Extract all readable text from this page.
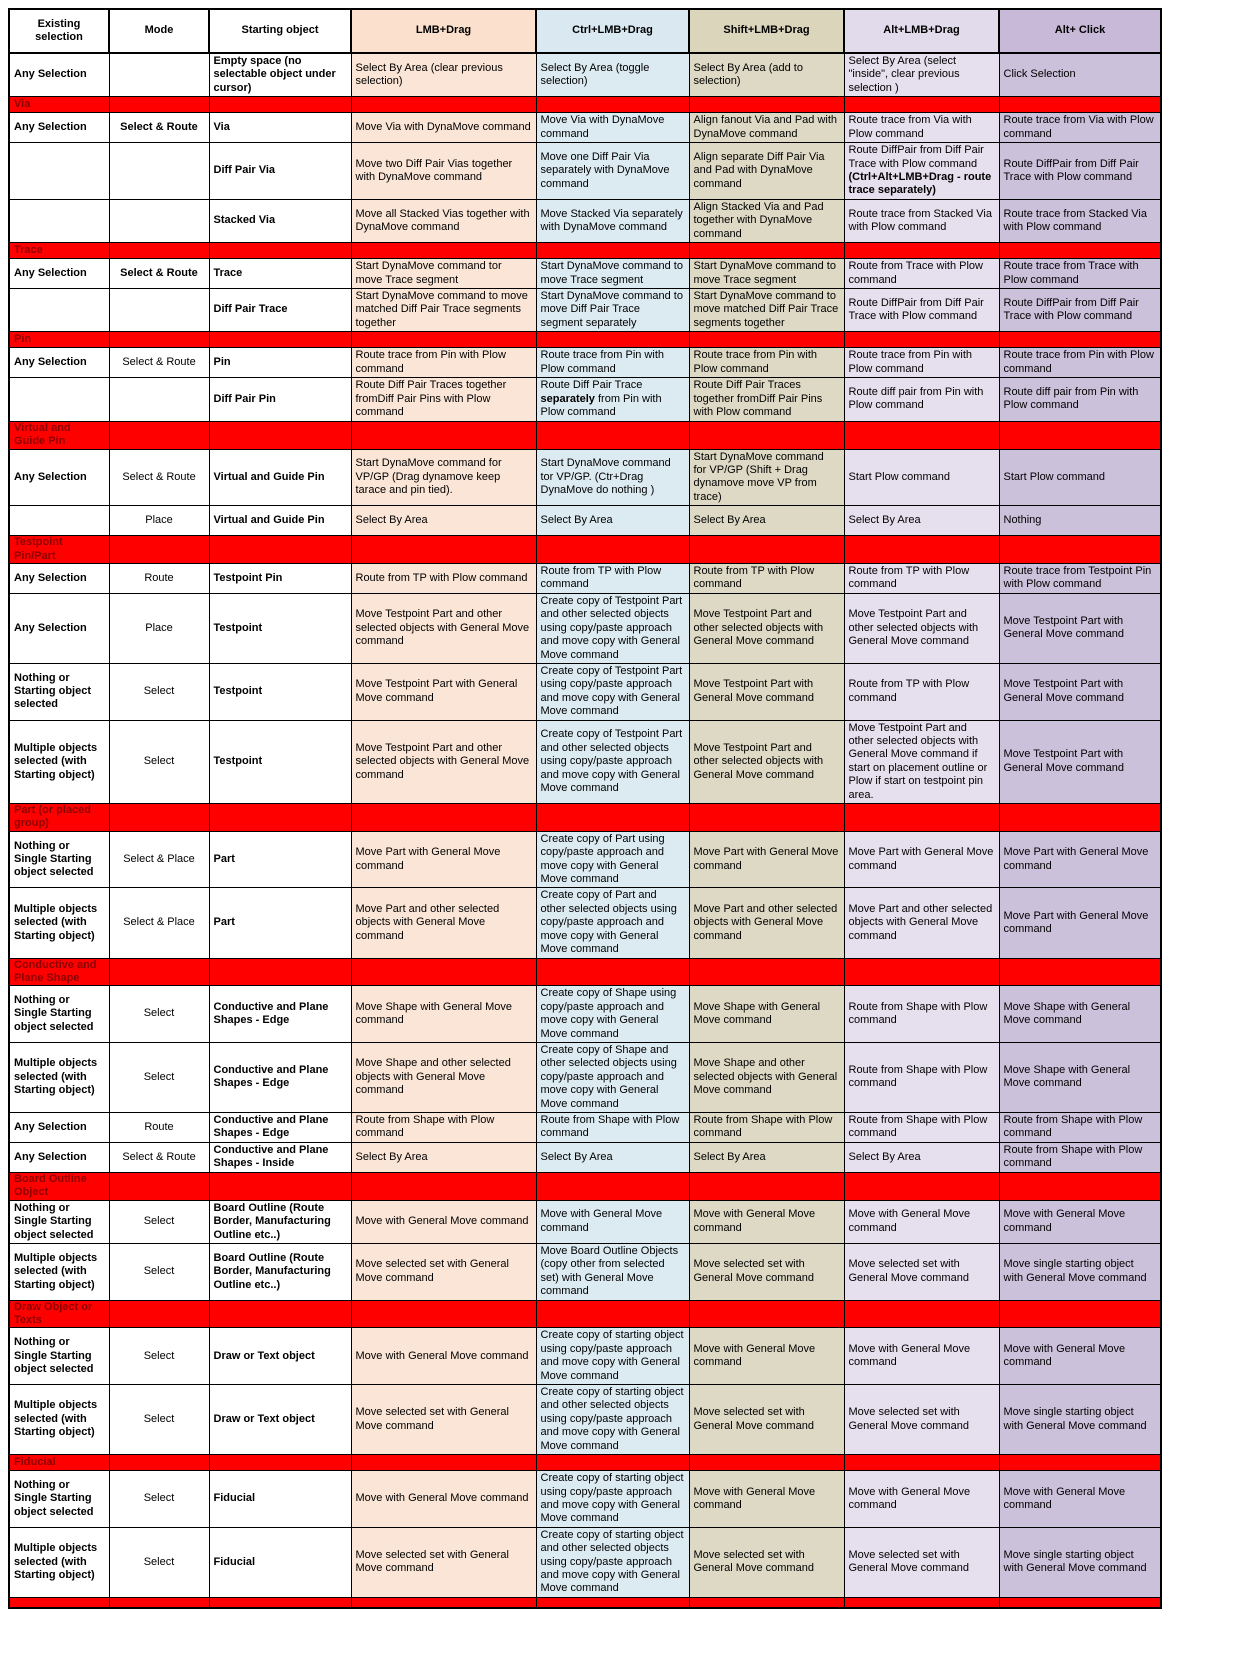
Existing selection	Mode	Starting object	LMB+Drag	Ctrl+LMB+Drag	Shift+LMB+Drag	Alt+LMB+Drag	Alt+ Click
Any Selection		Empty space (no selectable object under cursor)	Select By Area (clear previous selection)	Select By Area (toggle selection)	Select By Area (add to selection)	Select By Area (select "inside", clear previous selection )	Click Selection
Via							
Any Selection	Select & Route	Via	Move Via with DynaMove command	Move Via with DynaMove command	Align fanout Via and Pad with DynaMove command	Route trace from Via with Plow command	Route trace from Via with Plow command
		Diff Pair Via	Move two Diff Pair Vias together with DynaMove command	Move one Diff Pair Via separately with DynaMove command	Align separate Diff Pair Via and Pad with DynaMove command	Route DiffPair from Diff Pair Trace with Plow command (Ctrl+Alt+LMB+Drag - route trace separately)	Route DiffPair from Diff Pair Trace with Plow command
		Stacked Via	Move all Stacked Vias together with DynaMove command	Move Stacked Via separately with DynaMove command	Align Stacked Via and Pad together with DynaMove command	Route trace from Stacked Via with Plow command	Route trace from Stacked Via with Plow command
Trace							
Any Selection	Select & Route	Trace	Start DynaMove command tor move Trace segment	Start DynaMove command to move Trace segment	Start DynaMove command to move Trace segment	Route from Trace with Plow command	Route trace from Trace with Plow command
		Diff Pair Trace	Start DynaMove command to move matched Diff Pair Trace segments together	Start DynaMove command to move Diff Pair Trace segment separately	Start DynaMove command to move matched Diff Pair Trace segments together	Route DiffPair from Diff Pair Trace with Plow command	Route DiffPair from Diff Pair Trace with Plow command
Pin							
Any Selection	Select & Route	Pin	Route trace from Pin with Plow command	Route trace from Pin with Plow command	Route trace from Pin with Plow command	Route trace from Pin with Plow command	Route trace from Pin with Plow command
		Diff Pair Pin	Route Diff Pair Traces together fromDiff Pair Pins with Plow command	Route Diff Pair Trace separately from Pin with Plow command	Route Diff Pair Traces together fromDiff Pair Pins with Plow command	Route diff pair from Pin with Plow command	Route diff pair from Pin with Plow command
Virtual and Guide Pin							
Any Selection	Select & Route	Virtual and Guide Pin	Start DynaMove command for VP/GP (Drag dynamove keep tarace and pin tied).	Start DynaMove command tor VP/GP. (Ctr+Drag DynaMove do nothing )	Start DynaMove command for VP/GP (Shift + Drag dynamove move VP from trace)	Start Plow command	Start Plow command
	Place	Virtual and Guide Pin	Select By Area	Select By Area	Select By Area	Select By Area	Nothing
Testpoint Pin/Part							
Any Selection	Route	Testpoint Pin	Route from TP with Plow command	Route from TP with Plow command	Route from TP with Plow command	Route from TP with Plow command	Route trace from Testpoint Pin with Plow command
Any Selection	Place	Testpoint	Move Testpoint Part and other selected objects with General Move command	Create copy of Testpoint Part and other selected objects using copy/paste approach and move copy with General Move command	Move Testpoint Part and other selected objects with General Move command	Move Testpoint Part and other selected objects with General Move command	Move Testpoint Part with General Move command
Nothing or Starting object selected	Select	Testpoint	Move Testpoint Part with General Move command	Create copy of Testpoint Part using copy/paste approach and move copy with General Move command	Move Testpoint Part with General Move command	Route from TP with Plow command	Move Testpoint Part with General Move command
Multiple objects selected (with Starting object)	Select	Testpoint	Move Testpoint Part and other selected objects with General Move command	Create copy of Testpoint Part and other selected objects using copy/paste approach and move copy with General Move command	Move Testpoint Part and other selected objects with General Move command	Move Testpoint Part and other selected objects with General Move command if start on placement outline or Plow if start on testpoint pin area.	Move Testpoint Part with General Move command
Part (or placed group)							
Nothing or Single Starting object selected	Select & Place	Part	Move Part with General Move command	Create copy of Part using copy/paste approach and move copy with General Move command	Move Part with General Move command	Move Part with General Move command	Move Part with General Move command
Multiple objects selected (with Starting object)	Select & Place	Part	Move Part and other selected objects with General Move command	Create copy of Part and other selected objects using copy/paste approach and move copy with General Move command	Move Part and other selected objects with General Move command	Move Part and other selected objects with General Move command	Move Part with General Move command
Conductive and Plane Shape							
Nothing or Single Starting object selected	Select	Conductive and Plane Shapes - Edge	Move Shape with General Move command	Create copy of Shape using copy/paste approach and move copy with General Move command	Move Shape with General Move command	Route from Shape with Plow command	Move Shape with General Move command
Multiple objects selected (with Starting object)	Select	Conductive and Plane Shapes - Edge	Move Shape and other selected objects with General Move command	Create copy of Shape and other selected objects using copy/paste approach and move copy with General Move command	Move Shape and other selected objects with General Move command	Route from Shape with Plow command	Move Shape with General Move command
Any Selection	Route	Conductive and Plane Shapes - Edge	Route from Shape with Plow command	Route from Shape with Plow command	Route from Shape with Plow command	Route from Shape with Plow command	Route from Shape with Plow command
Any Selection	Select & Route	Conductive and Plane Shapes - Inside	Select By Area	Select By Area	Select By Area	Select By Area	Route from Shape with Plow command
Board Outline Object							
Nothing or Single Starting object selected	Select	Board Outline (Route Border, Manufacturing Outline etc..)	Move with General Move command	Move with General Move command	Move with General Move command	Move with General Move command	Move with General Move command
Multiple objects selected (with Starting object)	Select	Board Outline (Route Border, Manufacturing Outline etc..)	Move selected set with General Move command	Move Board Outline Objects (copy other from selected set) with General Move command	Move selected set with General Move command	Move selected set with General Move command	Move single starting object with General Move command
Draw Object or Texts							
Nothing or Single Starting object selected	Select	Draw or Text object	Move with General Move command	Create copy of starting object using copy/paste approach and move copy with General Move command	Move with General Move command	Move with General Move command	Move with General Move command
Multiple objects selected (with Starting object)	Select	Draw or Text object	Move selected set with General Move command	Create copy of starting object and other selected objects using copy/paste approach and move copy with General Move command	Move selected set with General Move command	Move selected set with General Move command	Move single starting object with General Move command
Fiducial							
Nothing or Single Starting object selected	Select	Fiducial	Move with General Move command	Create copy of starting object using copy/paste approach and move copy with General Move command	Move with General Move command	Move with General Move command	Move with General Move command
Multiple objects selected (with Starting object)	Select	Fiducial	Move selected set with General Move command	Create copy of starting object and other selected objects using copy/paste approach and move copy with General Move command	Move selected set with General Move command	Move selected set with General Move command	Move single starting object with General Move command
